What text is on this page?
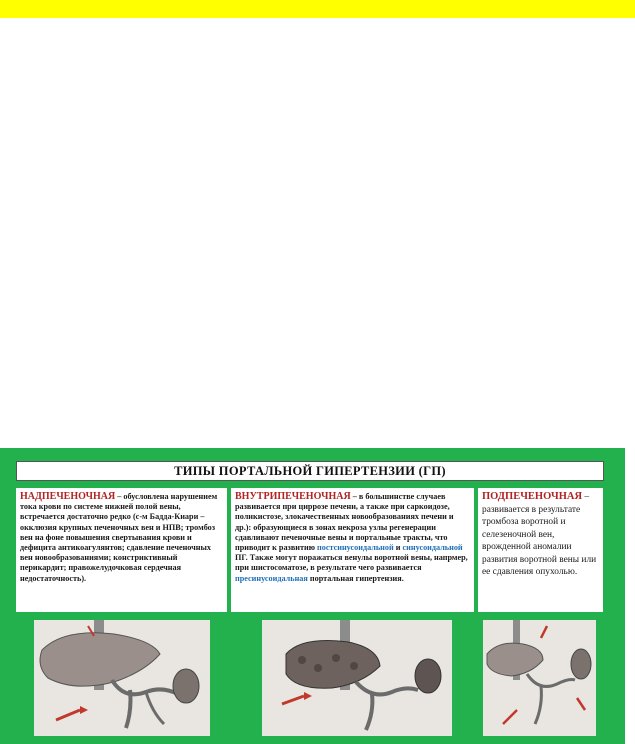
ТИПЫ ПОРТАЛЬНОЙ ГИПЕРТЕНЗИИ (ГП)
НАДПЕЧЕНОЧНАЯ – обусловлена нарушением тока крови по системе нижней полой вены, встречается достаточно редко (с-м Бадда-Киари – окклюзия крупных печеночных вен и НПВ; тромбоз вен на фоне повышения свертывания крови и дефицита антикоагулянтов; сдавление печеночных вен новообразованиями; констриктивный перикардит; правожелудочковая сердечная недостаточность).
ВНУТРИПЕЧЕНОЧНАЯ – в большинстве случаев развивается при циррозе печени, а также при саркоидозе, поликистозе, злокачественных новообразованиях печени и др.): образующиеся в зонах некроза узлы регенерации сдавливают печеночные вены и портальные тракты, что приводит к развитию постсинусоидальной и синусоидальной ПГ. Также могут поражаться венулы воротной вены, напрмер, при шистосоматозе, в результате чего развивается пресинусоидальная портальная гипертензия.
ПОДПЕЧЕНОЧНАЯ – развивается в результате тромбоза воротной и селезеночной вен, врожденной аномалии развития воротной вены или ее сдавления опухолью.
